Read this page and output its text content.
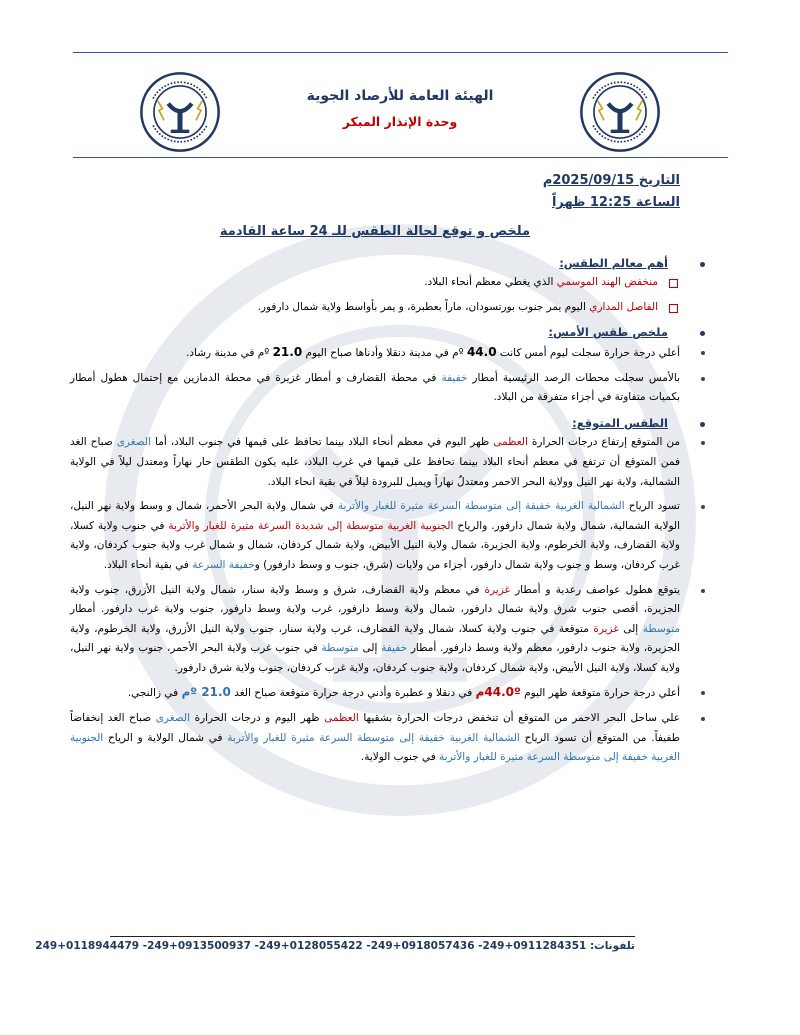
الهيئة العامة للأرصاد الجوية
وحدة الإنذار المبكر
التاريخ 2025/09/15م
الساعة 12:25 ظهراً
ملخص و توقع لحالة الطقس للـ 24 ساعة القادمة
أهم معالم الطقس:
منخفض الهند الموسمي الذي يغطي معظم أنحاء البلاد.
الفاصل المداري اليوم يمر جنوب بورتسودان، ماراً بعطبرة، و يمر بأواسط ولاية شمال دارفور.
ملخص طقس الأمس:
أعلي درجة حرارة سجلت ليوم أمس كانت 44.0 ºم في مدينة دنقلا وأدناها صباح اليوم 21.0 ºم في مدينة رشاد.
بالأمس سجلت محطات الرصد الرئيسية أمطار خفيفة في محطة القضارف و أمطار غزيرة في محطة الدمازين مع إحتمال هطول أمطار بكميات متفاوتة في أجزاء متفرقة من البلاد.
الطقس المتوقع:
من المتوقع إرتفاع درجات الحرارة العظمى ظهر اليوم في معظم أنحاء البلاد بينما تحافظ على قيمها في جنوب البلاد، أما الصغرى صباح الغد فمن المتوقع أن ترتفع في معظم أنحاء البلاد بينما تحافظ على قيمها في غرب البلاد، عليه يكون الطقس حار نهاراً ومعتدل ليلاً في الولاية الشمالية، ولاية نهر النيل وولاية البحر الاحمر ومعتدلٌ نهاراً ويميل للبرودة ليلاً في بقية انحاء البلاد.
تسود الرياح الشمالية الغربية خفيفة إلى متوسطة السرعة مثيرة للغبار والأتربة في شمال ولاية البحر الأحمر، شمال و وسط ولاية نهر النيل، الولاية الشمالية، شمال ولاية شمال دارفور. والرياح الجنوبية الغربية متوسطة إلى شديدة السرعة مثيرة للغبار والأتربة في جنوب ولاية كسلا، ولاية القضارف، ولاية الخرطوم، ولاية الجزيرة، شمال ولاية النيل الأبيض، ولاية شمال كردفان، شمال و شمال غرب ولاية جنوب كردفان، ولاية غرب كردفان، وسط و جنوب ولاية شمال دارفور، أجزاء من ولايات (شرق، جنوب و وسط دارفور) وخفيفة السرعة في بقية أنحاء البلاد.
يتوقع هطول عواصف رعدية و أمطار غزيرة في معظم ولاية القضارف، شرق و وسط ولاية سنار، شمال ولاية النيل الأزرق، جنوب ولاية الجزيرة، أقصى جنوب شرق ولاية شمال دارفور، شمال ولاية وسط دارفور، غرب ولاية وسط دارفور، جنوب ولاية غرب دارفور. أمطار متوسطة إلى غزيرة متوقعة في جنوب ولاية كسلا، شمال ولاية القضارف، غرب ولاية سنار، جنوب ولاية النيل الأزرق، ولاية الخرطوم، ولاية الجزيرة، ولاية جنوب دارفور، معظم ولاية وسط دارفور. أمطار خفيفة إلى متوسطة في جنوب غرب ولاية البحر الأحمر، جنوب ولاية نهر النيل، ولاية كسلا، ولاية النيل الأبيض، ولاية شمال كردفان، ولاية جنوب كردفان، ولاية غرب كردفان، جنوب ولاية شرق دارفور.
أعلي درجة حرارة متوقعة ظهر اليوم 44.0ºم في دنقلا و عطبرة وأدني درجة حرارة متوقعة صباح الغد 21.0 ºم في زالنجي.
علي ساحل البحر الاحمر من المتوقع أن تنخفض درجات الحرارة بشقيها العظمى ظهر اليوم و درجات الحرارة الصغرى صباح الغد إنخفاضاً طفيفاً. من المتوقع أن تسود الرياح الشمالية الغربية خفيفة إلى متوسطة السرعة مثيرة للغبار والأتربة في شمال الولاية و الرياح الجنوبية الغربية خفيفة إلى متوسطة السرعة مثيرة للغبار والأتربة في جنوب الولاية.
تلفونات: 0911284351+249- 0918057436+249- 0128055422+249- 0913500937+249- 0118944479+249
